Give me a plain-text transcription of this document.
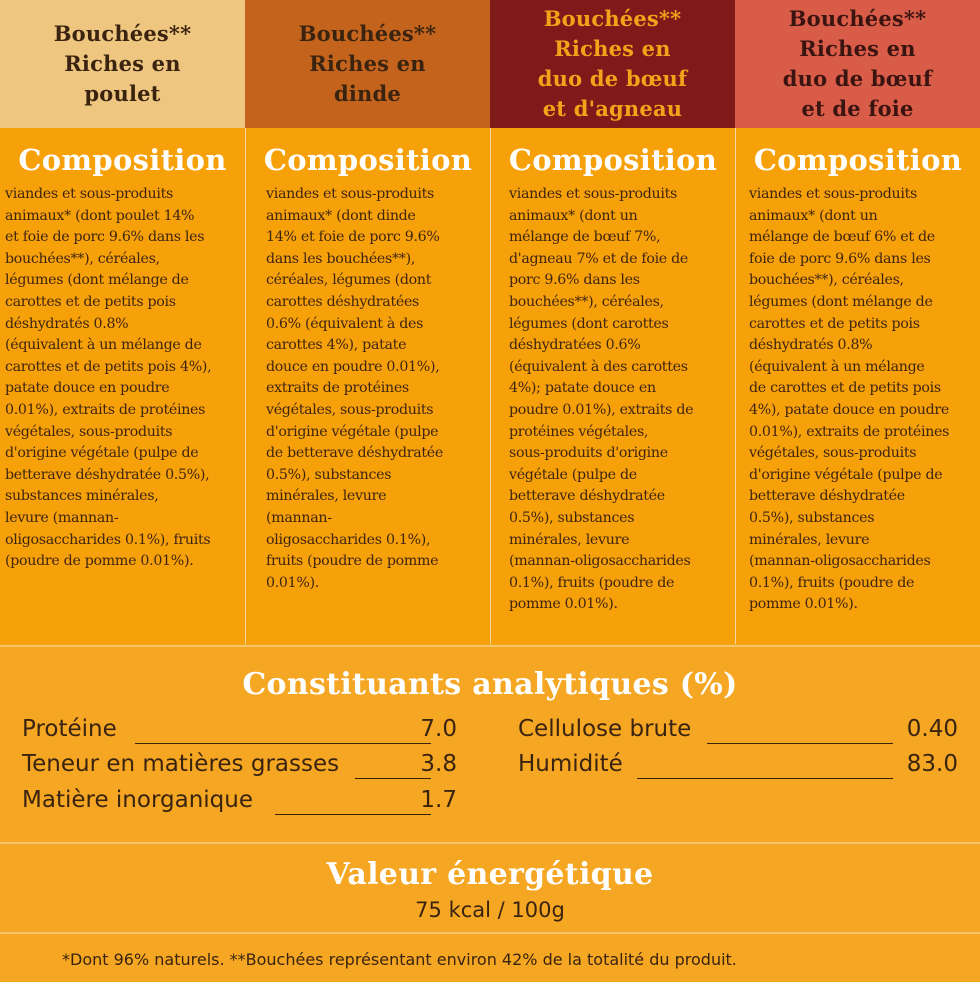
Bouchées**
Riches en
poulet
Bouchées**
Riches en
dinde
Bouchées**
Riches en
duo de bœuf
et d'agneau
Bouchées**
Riches en
duo de bœuf
et de foie
Composition
viandes et sous-produits
animaux* (dont poulet 14%
et foie de porc 9.6% dans les
bouchées**), céréales,
légumes (dont mélange de
carottes et de petits pois
déshydratés 0.8%
(équivalent à un mélange de
carottes et de petits pois 4%),
patate douce en poudre
0.01%), extraits de protéines
végétales, sous-produits
d'origine végétale (pulpe de
betterave déshydratée 0.5%),
substances minérales,
levure (mannan-
oligosaccharides 0.1%), fruits
(poudre de pomme 0.01%).
Composition
viandes et sous-produits
animaux* (dont dinde
14% et foie de porc 9.6%
dans les bouchées**),
céréales, légumes (dont
carottes déshydratées
0.6% (équivalent à des
carottes 4%), patate
douce en poudre 0.01%),
extraits de protéines
végétales, sous-produits
d'origine végétale (pulpe
de betterave déshydratée
0.5%), substances
minérales, levure
(mannan-
oligosaccharides 0.1%),
fruits (poudre de pomme
0.01%).
Composition
viandes et sous-produits
animaux* (dont un
mélange de bœuf 7%,
d'agneau 7% et de foie de
porc 9.6% dans les
bouchées**), céréales,
légumes (dont carottes
déshydratées 0.6%
(équivalent à des carottes
4%); patate douce en
poudre 0.01%), extraits de
protéines végétales,
sous-produits d'origine
végétale (pulpe de
betterave déshydratée
0.5%), substances
minérales, levure
(mannan-oligosaccharides
0.1%), fruits (poudre de
pomme 0.01%).
Composition
viandes et sous-produits
animaux* (dont un
mélange de bœuf 6% et de
foie de porc 9.6% dans les
bouchées**), céréales,
légumes (dont mélange de
carottes et de petits pois
déshydratés 0.8%
(équivalent à un mélange
de carottes et de petits pois
4%), patate douce en poudre
0.01%), extraits de protéines
végétales, sous-produits
d'origine végétale (pulpe de
betterave déshydratée
0.5%), substances
minérales, levure
(mannan-oligosaccharides
0.1%), fruits (poudre de
pomme 0.01%).
Constituants analytiques (%)
Protéine	7.0
Teneur en matières grasses	3.8
Matière inorganique	1.7
Cellulose brute	0.40
Humidité	83.0
Valeur énergétique
75 kcal / 100g
*Dont 96% naturels. **Bouchées représentant environ 42% de la totalité du produit.
